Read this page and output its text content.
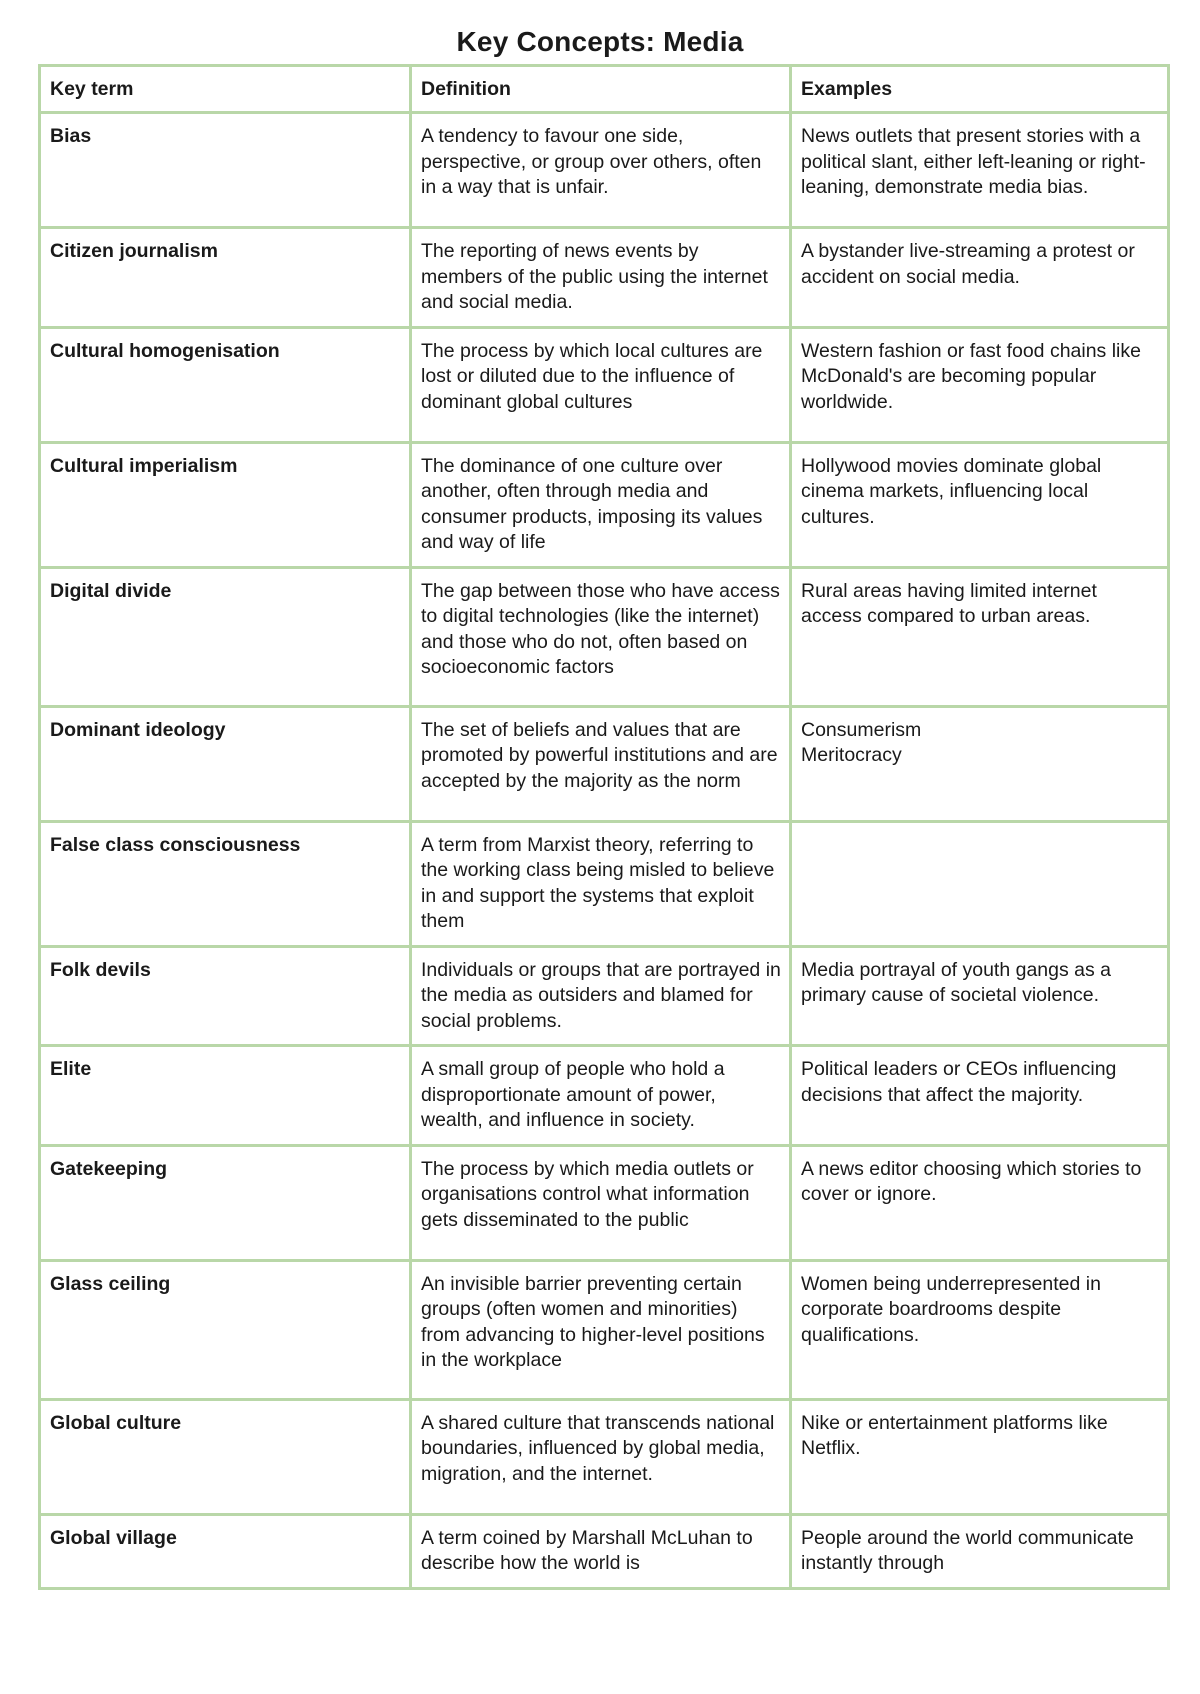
Key Concepts: Media
Key term	Definition	Examples
Bias	A tendency to favour one side, perspective, or group over others, often in a way that is unfair.	News outlets that present stories with a political slant, either left-leaning or right-leaning, demonstrate media bias.

Citizen journalism	The reporting of news events by members of the public using the internet and social media.	A bystander live-streaming a protest or accident on social media.

Cultural homogenisation	The process by which local cultures are lost or diluted due to the influence of dominant global cultures	Western fashion or fast food chains like McDonald's are becoming popular worldwide.

Cultural imperialism	The dominance of one culture over another, often through media and consumer products, imposing its values and way of life	Hollywood movies dominate global cinema markets, influencing local cultures.

Digital divide	The gap between those who have access to digital technologies (like the internet) and those who do not, often based on socioeconomic factors	Rural areas having limited internet access compared to urban areas.

Dominant ideology	The set of beliefs and values that are promoted by powerful institutions and are accepted by the majority as the norm	Consumerism
Meritocracy

False class consciousness	A term from Marxist theory, referring to the working class being misled to believe in and support the systems that exploit them	
Folk devils	Individuals or groups that are portrayed in the media as outsiders and blamed for social problems.	Media portrayal of youth gangs as a primary cause of societal violence.

Elite	A small group of people who hold a disproportionate amount of power, wealth, and influence in society.	Political leaders or CEOs influencing decisions that affect the majority.

Gatekeeping	The process by which media outlets or organisations control what information gets disseminated to the public	A news editor choosing which stories to cover or ignore.

Glass ceiling	An invisible barrier preventing certain groups (often women and minorities) from advancing to higher-level positions in the workplace	Women being underrepresented in corporate boardrooms despite qualifications.

Global culture	A shared culture that transcends national boundaries, influenced by global media, migration, and the internet.	Nike or entertainment platforms like Netflix.

Global village	A term coined by Marshall McLuhan to describe how the world is	People around the world communicate instantly through
